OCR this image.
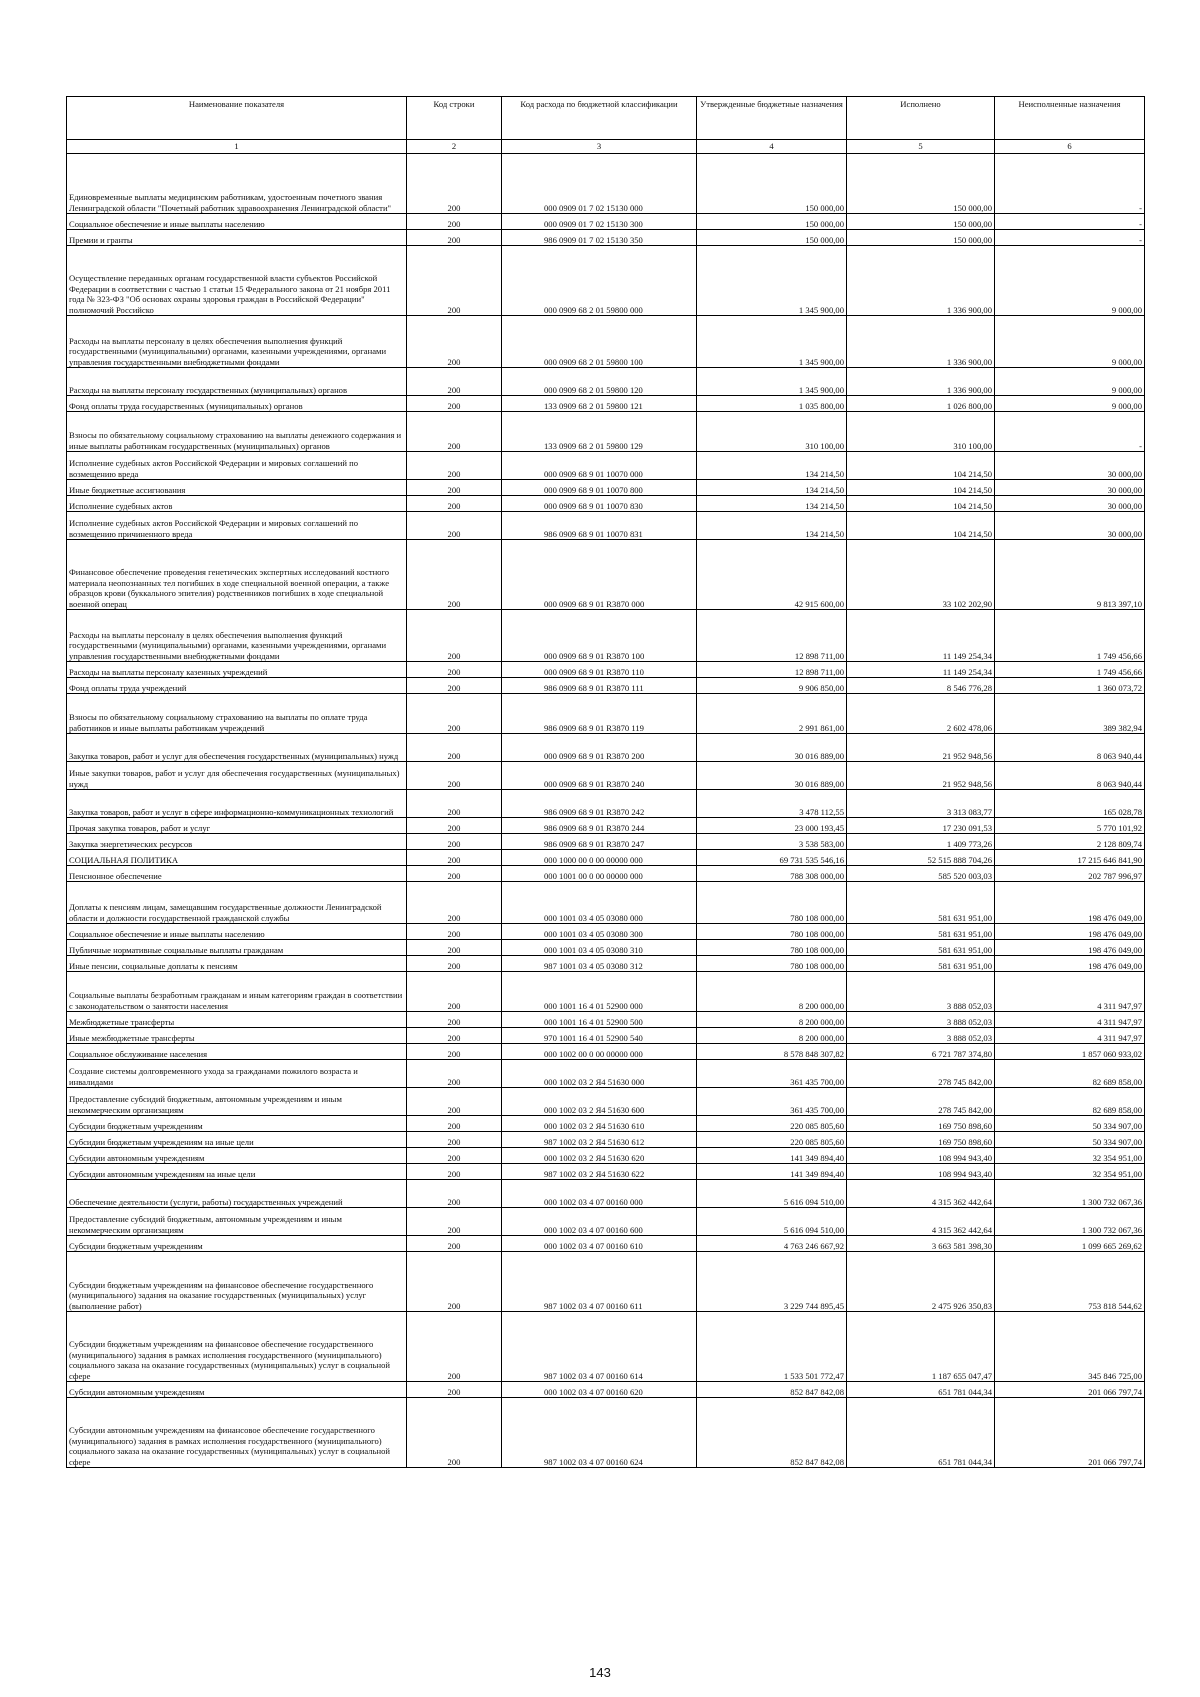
Наименование показателя	Код строки	Код расхода по бюджетной классификации	Утвержденные бюджетные назначения	Исполнено	Неисполненные назначения
1	2	3	4	5	6
Единовременные выплаты медицинским работникам, удостоенным почетного звания Ленинградской области "Почетный работник здравоохранения Ленинградской области"	200	000 0909 01 7 02 15130 000	150 000,00	150 000,00	-
Социальное обеспечение и иные выплаты населению	200	000 0909 01 7 02 15130 300	150 000,00	150 000,00	-
Премии и гранты	200	986 0909 01 7 02 15130 350	150 000,00	150 000,00	-
Осуществление переданных органам государственной власти субъектов Российской Федерации в соответствии с частью 1 статьи 15 Федерального закона от 21 ноября 2011 года № 323-ФЗ "Об основах охраны здоровья граждан в Российской Федерации" полномочий Российско	200	000 0909 68 2 01 59800 000	1 345 900,00	1 336 900,00	9 000,00
Расходы на выплаты персоналу в целях обеспечения выполнения функций государственными (муниципальными) органами, казенными учреждениями, органами управления государственными внебюджетными фондами	200	000 0909 68 2 01 59800 100	1 345 900,00	1 336 900,00	9 000,00
Расходы на выплаты персоналу государственных (муниципальных) органов	200	000 0909 68 2 01 59800 120	1 345 900,00	1 336 900,00	9 000,00
Фонд оплаты труда государственных (муниципальных) органов	200	133 0909 68 2 01 59800 121	1 035 800,00	1 026 800,00	9 000,00
Взносы по обязательному социальному страхованию на выплаты денежного содержания и иные выплаты работникам государственных (муниципальных) органов	200	133 0909 68 2 01 59800 129	310 100,00	310 100,00	-
Исполнение судебных актов Российской Федерации и мировых соглашений по возмещению вреда	200	000 0909 68 9 01 10070 000	134 214,50	104 214,50	30 000,00
Иные бюджетные ассигнования	200	000 0909 68 9 01 10070 800	134 214,50	104 214,50	30 000,00
Исполнение судебных актов	200	000 0909 68 9 01 10070 830	134 214,50	104 214,50	30 000,00
Исполнение судебных актов Российской Федерации и мировых соглашений по возмещению причиненного вреда	200	986 0909 68 9 01 10070 831	134 214,50	104 214,50	30 000,00
Финансовое обеспечение проведения генетических экспертных исследований костного материала неопознанных тел погибших в ходе специальной военной операции, а также образцов крови (буккального эпителия) родственников погибших в ходе специальной военной операц	200	000 0909 68 9 01 R3870 000	42 915 600,00	33 102 202,90	9 813 397,10
Расходы на выплаты персоналу в целях обеспечения выполнения функций государственными (муниципальными) органами, казенными учреждениями, органами управления государственными внебюджетными фондами	200	000 0909 68 9 01 R3870 100	12 898 711,00	11 149 254,34	1 749 456,66
Расходы на выплаты персоналу казенных учреждений	200	000 0909 68 9 01 R3870 110	12 898 711,00	11 149 254,34	1 749 456,66
Фонд оплаты труда учреждений	200	986 0909 68 9 01 R3870 111	9 906 850,00	8 546 776,28	1 360 073,72
Взносы по обязательному социальному страхованию на выплаты по оплате труда работников и иные выплаты работникам учреждений	200	986 0909 68 9 01 R3870 119	2 991 861,00	2 602 478,06	389 382,94
Закупка товаров, работ и услуг для обеспечения государственных (муниципальных) нужд	200	000 0909 68 9 01 R3870 200	30 016 889,00	21 952 948,56	8 063 940,44
Иные закупки товаров, работ и услуг для обеспечения государственных (муниципальных) нужд	200	000 0909 68 9 01 R3870 240	30 016 889,00	21 952 948,56	8 063 940,44
Закупка товаров, работ и услуг в сфере информационно-коммуникационных технологий	200	986 0909 68 9 01 R3870 242	3 478 112,55	3 313 083,77	165 028,78
Прочая закупка товаров, работ и услуг	200	986 0909 68 9 01 R3870 244	23 000 193,45	17 230 091,53	5 770 101,92
Закупка энергетических ресурсов	200	986 0909 68 9 01 R3870 247	3 538 583,00	1 409 773,26	2 128 809,74
СОЦИАЛЬНАЯ ПОЛИТИКА	200	000 1000 00 0 00 00000 000	69 731 535 546,16	52 515 888 704,26	17 215 646 841,90
Пенсионное обеспечение	200	000 1001 00 0 00 00000 000	788 308 000,00	585 520 003,03	202 787 996,97
Доплаты к пенсиям лицам, замещавшим государственные должности Ленинградской области и должности государственной гражданской службы	200	000 1001 03 4 05 03080 000	780 108 000,00	581 631 951,00	198 476 049,00
Социальное обеспечение и иные выплаты населению	200	000 1001 03 4 05 03080 300	780 108 000,00	581 631 951,00	198 476 049,00
Публичные нормативные социальные выплаты гражданам	200	000 1001 03 4 05 03080 310	780 108 000,00	581 631 951,00	198 476 049,00
Иные пенсии, социальные доплаты к пенсиям	200	987 1001 03 4 05 03080 312	780 108 000,00	581 631 951,00	198 476 049,00
Социальные выплаты безработным гражданам и иным категориям граждан в соответствии с законодательством о занятости населения	200	000 1001 16 4 01 52900 000	8 200 000,00	3 888 052,03	4 311 947,97
Межбюджетные трансферты	200	000 1001 16 4 01 52900 500	8 200 000,00	3 888 052,03	4 311 947,97
Иные межбюджетные трансферты	200	970 1001 16 4 01 52900 540	8 200 000,00	3 888 052,03	4 311 947,97
Социальное обслуживание населения	200	000 1002 00 0 00 00000 000	8 578 848 307,82	6 721 787 374,80	1 857 060 933,02
Создание системы долговременного ухода за гражданами пожилого возраста и инвалидами	200	000 1002 03 2 Я4 51630 000	361 435 700,00	278 745 842,00	82 689 858,00
Предоставление субсидий бюджетным, автономным учреждениям и иным некоммерческим организациям	200	000 1002 03 2 Я4 51630 600	361 435 700,00	278 745 842,00	82 689 858,00
Субсидии бюджетным учреждениям	200	000 1002 03 2 Я4 51630 610	220 085 805,60	169 750 898,60	50 334 907,00
Субсидии бюджетным учреждениям на иные цели	200	987 1002 03 2 Я4 51630 612	220 085 805,60	169 750 898,60	50 334 907,00
Субсидии автономным учреждениям	200	000 1002 03 2 Я4 51630 620	141 349 894,40	108 994 943,40	32 354 951,00
Субсидии автономным учреждениям на иные цели	200	987 1002 03 2 Я4 51630 622	141 349 894,40	108 994 943,40	32 354 951,00
Обеспечение деятельности (услуги, работы) государственных учреждений	200	000 1002 03 4 07 00160 000	5 616 094 510,00	4 315 362 442,64	1 300 732 067,36
Предоставление субсидий бюджетным, автономным учреждениям и иным некоммерческим организациям	200	000 1002 03 4 07 00160 600	5 616 094 510,00	4 315 362 442,64	1 300 732 067,36
Субсидии бюджетным учреждениям	200	000 1002 03 4 07 00160 610	4 763 246 667,92	3 663 581 398,30	1 099 665 269,62
Субсидии бюджетным учреждениям на финансовое обеспечение государственного (муниципального) задания на оказание государственных (муниципальных) услуг (выполнение работ)	200	987 1002 03 4 07 00160 611	3 229 744 895,45	2 475 926 350,83	753 818 544,62
Субсидии бюджетным учреждениям на финансовое обеспечение государственного (муниципального) задания в рамках исполнения государственного (муниципального) социального заказа на оказание государственных (муниципальных) услуг в социальной сфере	200	987 1002 03 4 07 00160 614	1 533 501 772,47	1 187 655 047,47	345 846 725,00
Субсидии автономным учреждениям	200	000 1002 03 4 07 00160 620	852 847 842,08	651 781 044,34	201 066 797,74
Субсидии автономным учреждениям на финансовое обеспечение государственного (муниципального) задания в рамках исполнения государственного (муниципального) социального заказа на оказание государственных (муниципальных) услуг в социальной сфере	200	987 1002 03 4 07 00160 624	852 847 842,08	651 781 044,34	201 066 797,74
143
